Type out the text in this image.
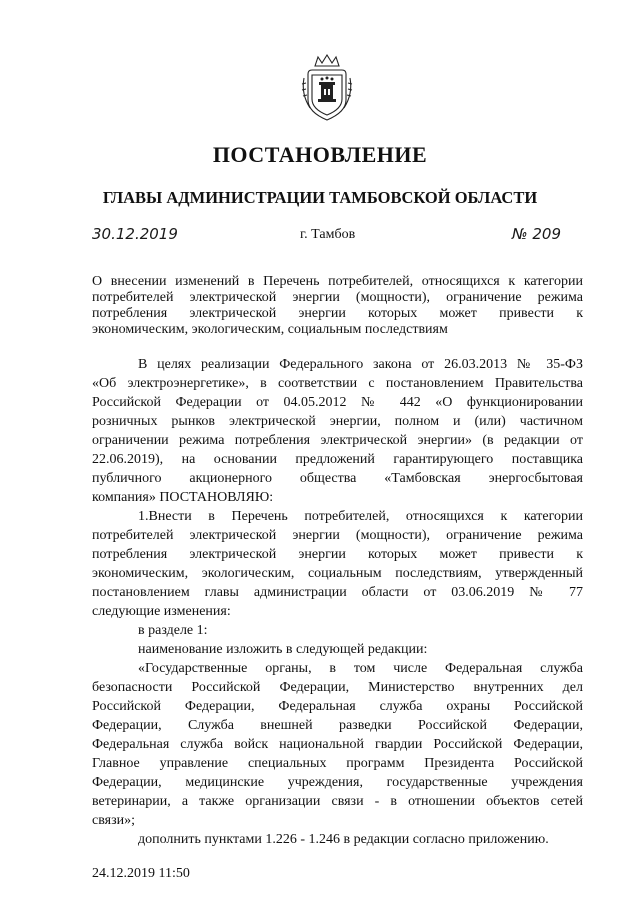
ПОСТАНОВЛЕНИЕ
ГЛАВЫ АДМИНИСТРАЦИИ ТАМБОВСКОЙ ОБЛАСТИ
30.12.2019	г. Тамбов	№ 209
О внесении изменений в Перечень потребителей, относящихся к категории
потребителей электрической энергии (мощности), ограничение режима
потребления электрической энергии которых может привести к
экономическим, экологическим, социальным последствиям
В целях реализации Федерального закона от 26.03.2013 № 35-ФЗ
«Об электроэнергетике», в соответствии с постановлением Правительства
Российской Федерации от 04.05.2012 № 442 «О функционировании
розничных рынков электрической энергии, полном и (или) частичном
ограничении режима потребления электрической энергии» (в редакции от
22.06.2019), на основании предложений гарантирующего поставщика
публичного акционерного общества «Тамбовская энергосбытовая
компания» ПОСТАНОВЛЯЮ:
1.Внести в Перечень потребителей, относящихся к категории
потребителей электрической энергии (мощности), ограничение режима
потребления электрической энергии которых может привести к
экономическим, экологическим, социальным последствиям, утвержденный
постановлением главы администрации области от 03.06.2019 № 77
следующие изменения:
в разделе 1:
наименование изложить в следующей редакции:
«Государственные органы, в том числе Федеральная служба
безопасности Российской Федерации, Министерство внутренних дел
Российской Федерации, Федеральная служба охраны Российской
Федерации, Служба внешней разведки Российской Федерации,
Федеральная служба войск национальной гвардии Российской Федерации,
Главное управление специальных программ Президента Российской
Федерации, медицинские учреждения, государственные учреждения
ветеринарии, а также организации связи - в отношении объектов сетей
связи»;
дополнить пунктами 1.226 - 1.246 в редакции согласно приложению.
24.12.2019 11:50
